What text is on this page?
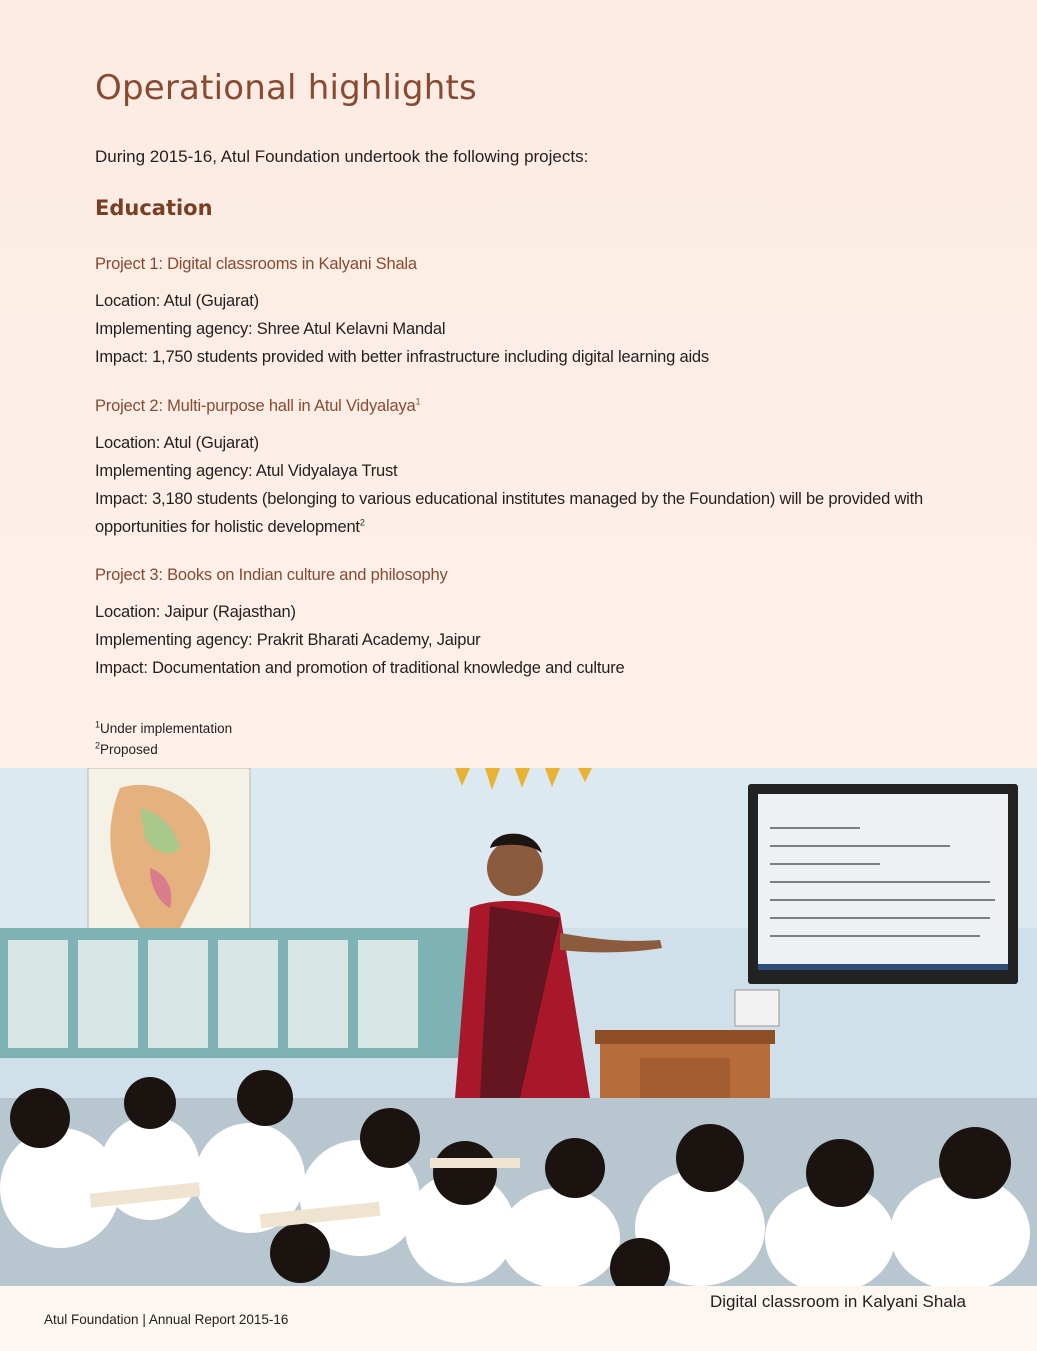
Operational highlights

During 2015-16, Atul Foundation undertook the following projects:

Education

Project 1: Digital classrooms in Kalyani Shala

Location: Atul (Gujarat)

Implementing agency: Shree Atul Kelavni Mandal

Impact: 1,750 students provided with better infrastructure including digital learning aids

Project 2: Multi-purpose hall in Atul Vidyalaya$^1$

Location: Atul (Gujarat)

Implementing agency: Atul Vidyalaya Trust

Impact: 3,180 students (belonging to various educational institutes managed by the Foundation) will be provided with opportunities for holistic development$^2$

Project 3: Books on Indian culture and philosophy

Location: Jaipur (Rajasthan)

Implementing agency: Prakrit Bharati Academy, Jaipur

Impact: Documentation and promotion of traditional knowledge and culture

$^1$Under implementation
$^2$Proposed
Digital classroom in Kalyani Shala
Atul Foundation | Annual Report 2015-16
